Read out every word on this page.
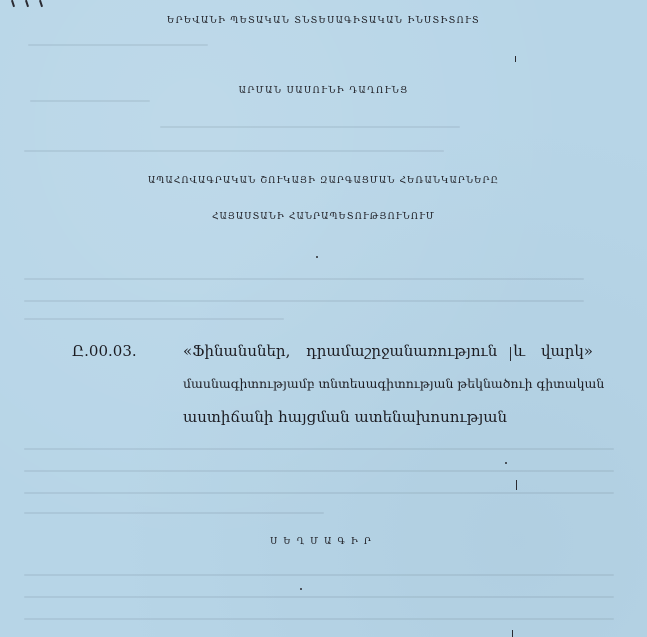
ԵՐԵՎԱՆԻ ՊԵՏԱԿԱՆ ՏՆՏԵՍԱԳԻՏԱԿԱՆ ԻՆՍՏԻՏՈՒՏ
ԱՐՄԱՆ ՍԱՍՈՒՆԻ ԴԱՂՈՒՆՑ
ԱՊԱՀՈՎԱԳՐԱԿԱՆ ՇՈՒԿԱՅԻ ԶԱՐԳԱՑՄԱՆ ՀԵՌԱՆԿԱՐՆԵՐԸ
ՀԱՅԱՍՏԱՆԻ ՀԱՆՐԱՊԵՏՈՒԹՅՈՒՆՈՒՄ
Ը.00.03.	«Ֆինանսներ, դրամաշրջանառություն և վարկ»
մասնագիտությամբ տնտեսագիտության թեկնածուի գիտական
աստիճանի հայցման ատենախոսության
ՍԵՂՄԱԳԻՐ
